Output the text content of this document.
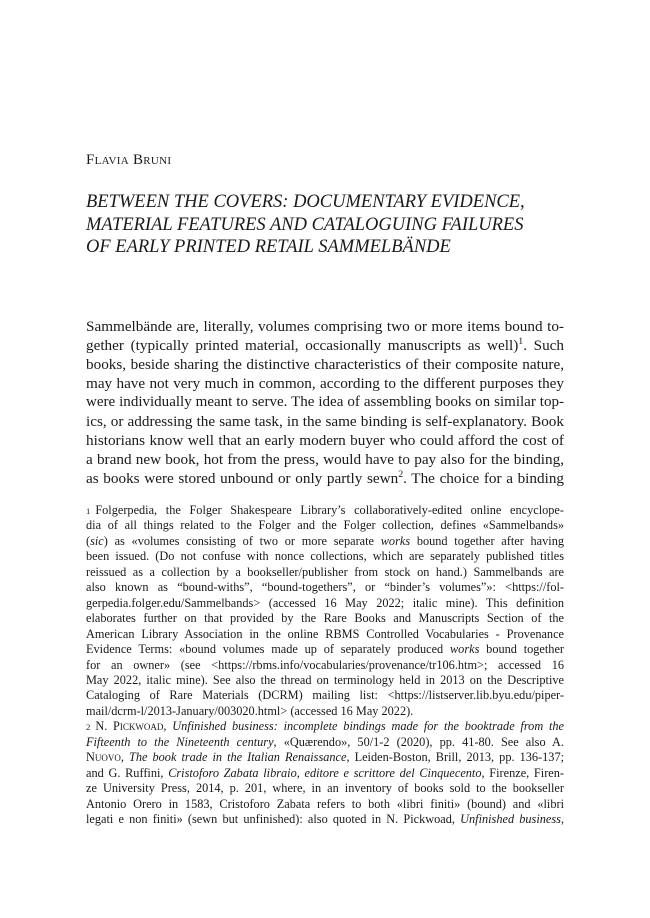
Flavia Bruni
BETWEEN THE COVERS: DOCUMENTARY EVIDENCE,
MATERIAL FEATURES AND CATALOGUING FAILURES
OF EARLY PRINTED RETAIL SAMMELBÄNDE
Sammelbände are, literally, volumes comprising two or more items bound to-
gether (typically printed material, occasionally manuscripts as well)$^1$. Such
books, beside sharing the distinctive characteristics of their composite nature,
may have not very much in common, according to the different purposes they
were individually meant to serve. The idea of assembling books on similar top-
ics, or addressing the same task, in the same binding is self-explanatory. Book
historians know well that an early modern buyer who could afford the cost of
a brand new book, hot from the press, would have to pay also for the binding,
as books were stored unbound or only partly sewn$^2$. The choice for a binding
$^1$ Folgerpedia, the Folger Shakespeare Library’s collaboratively-edited online encyclope-
dia of all things related to the Folger and the Folger collection, defines «Sammelbands»
(sic) as «volumes consisting of two or more separate works bound together after having
been issued. (Do not confuse with nonce collections, which are separately published titles
reissued as a collection by a bookseller/publisher from stock on hand.) Sammelbands are
also known as “bound-withs”, “bound-togethers”, or “binder’s volumes”»: <https://fol-
gerpedia.folger.edu/Sammelbands> (accessed 16 May 2022; italic mine). This definition
elaborates further on that provided by the Rare Books and Manuscripts Section of the
American Library Association in the online RBMS Controlled Vocabularies - Provenance
Evidence Terms: «bound volumes made up of separately produced works bound together
for an owner» (see <https://rbms.info/vocabularies/provenance/tr106.htm>; accessed 16
May 2022, italic mine). See also the thread on terminology held in 2013 on the Descriptive
Cataloging of Rare Materials (DCRM) mailing list: <https://listserver.lib.byu.edu/piper-
mail/dcrm-l/2013-January/003020.html> (accessed 16 May 2022).
$^2$ N. Pickwoad, Unfinished business: incomplete bindings made for the booktrade from the
Fifteenth to the Nineteenth century, «Quærendo», 50/1-2 (2020), pp. 41-80. See also A.
Nuovo, The book trade in the Italian Renaissance, Leiden-Boston, Brill, 2013, pp. 136-137;
and G. Ruffini, Cristoforo Zabata libraio, editore e scrittore del Cinquecento, Firenze, Firen-
ze University Press, 2014, p. 201, where, in an inventory of books sold to the bookseller
Antonio Orero in 1583, Cristoforo Zabata refers to both «libri finiti» (bound) and «libri
legati e non finiti» (sewn but unfinished): also quoted in N. Pickwoad, Unfinished business,
